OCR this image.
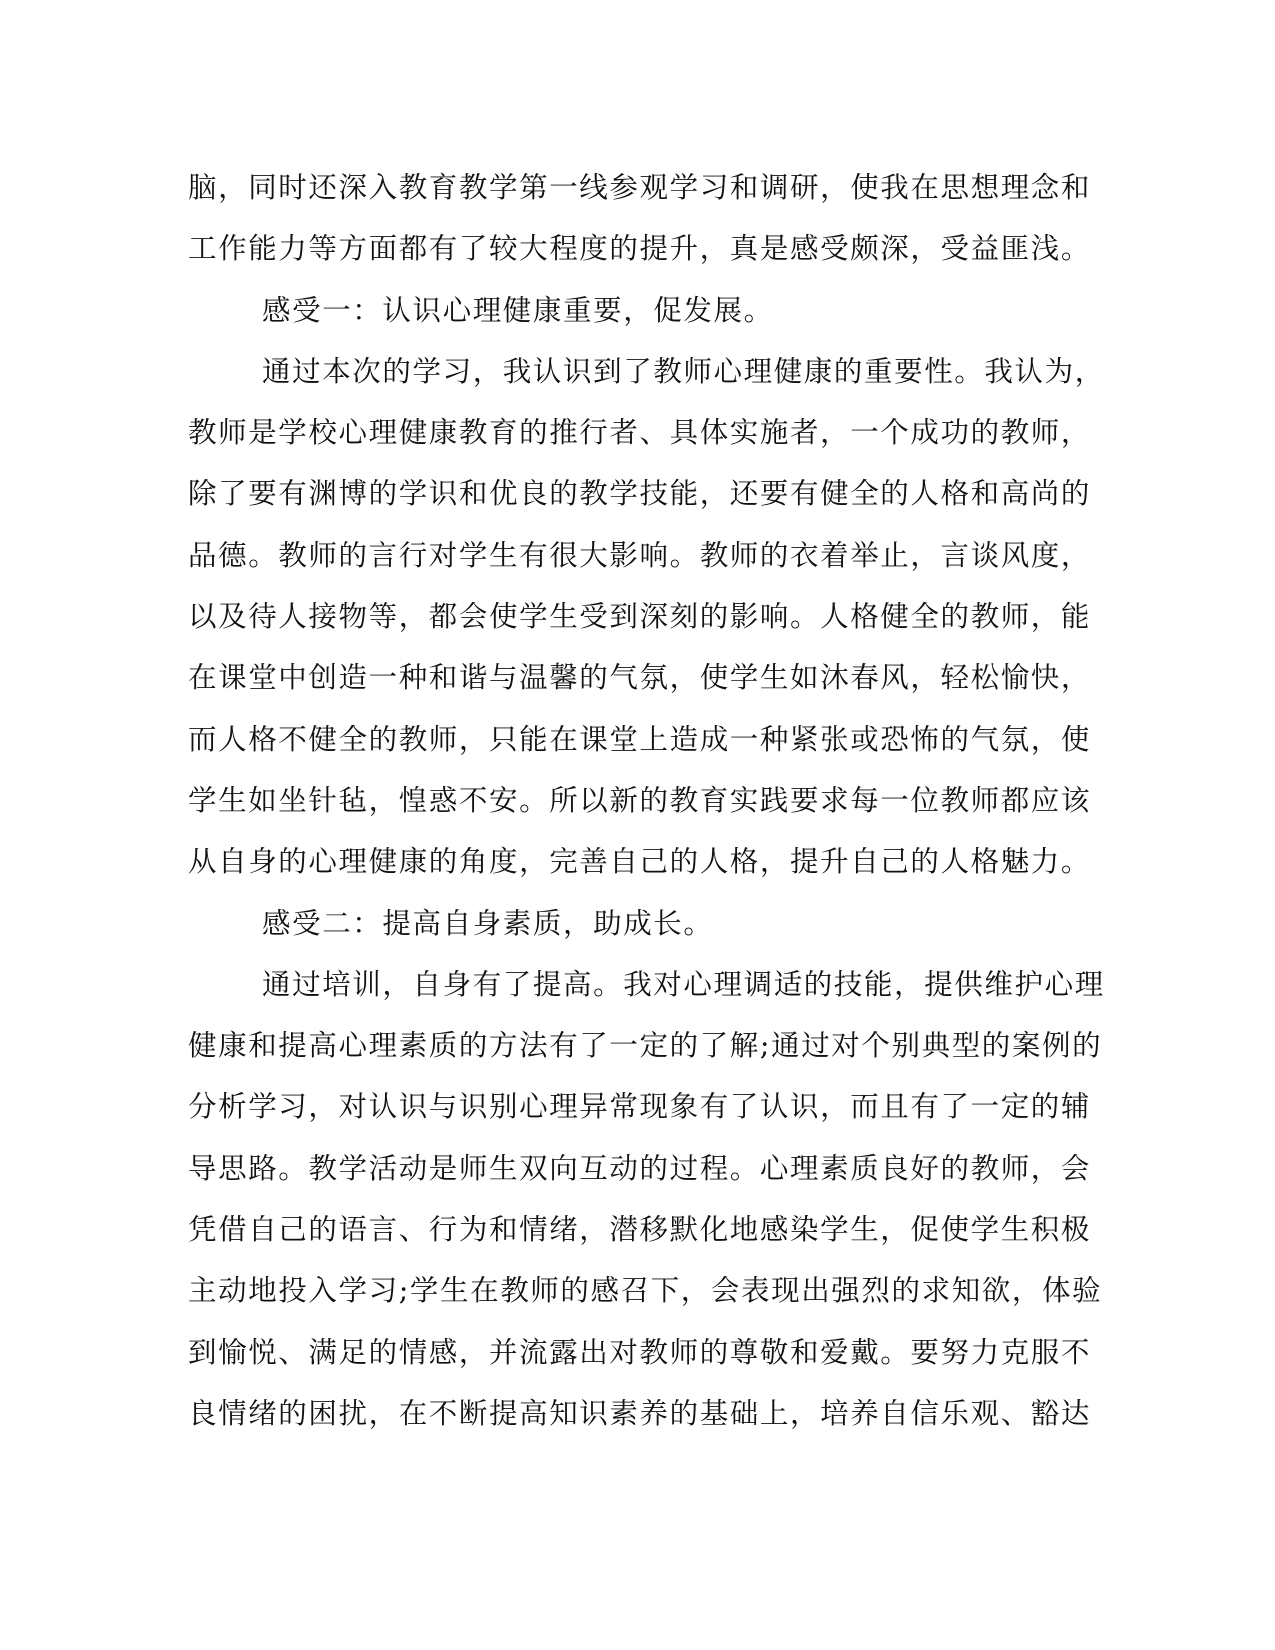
脑，同时还深入教育教学第一线参观学习和调研，使我在思想理念和
工作能力等方面都有了较大程度的提升，真是感受颇深，受益匪浅。
感受一：认识心理健康重要，促发展。
通过本次的学习，我认识到了教师心理健康的重要性。我认为，
教师是学校心理健康教育的推行者、具体实施者，一个成功的教师，
除了要有渊博的学识和优良的教学技能，还要有健全的人格和高尚的
品德。教师的言行对学生有很大影响。教师的衣着举止，言谈风度，
以及待人接物等，都会使学生受到深刻的影响。人格健全的教师，能
在课堂中创造一种和谐与温馨的气氛，使学生如沐春风，轻松愉快，
而人格不健全的教师，只能在课堂上造成一种紧张或恐怖的气氛，使
学生如坐针毡，惶惑不安。所以新的教育实践要求每一位教师都应该
从自身的心理健康的角度，完善自己的人格，提升自己的人格魅力。
感受二：提高自身素质，助成长。
通过培训，自身有了提高。我对心理调适的技能，提供维护心理
健康和提高心理素质的方法有了一定的了解;通过对个别典型的案例的
分析学习，对认识与识别心理异常现象有了认识，而且有了一定的辅
导思路。教学活动是师生双向互动的过程。心理素质良好的教师，会
凭借自己的语言、行为和情绪，潜移默化地感染学生，促使学生积极
主动地投入学习;学生在教师的感召下，会表现出强烈的求知欲，体验
到愉悦、满足的情感，并流露出对教师的尊敬和爱戴。要努力克服不
良情绪的困扰，在不断提高知识素养的基础上，培养自信乐观、豁达
